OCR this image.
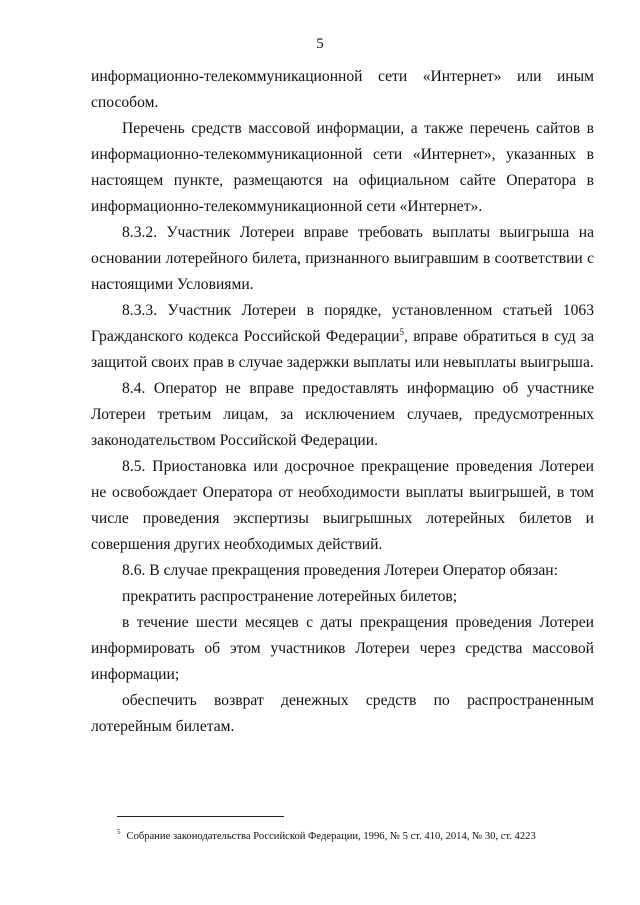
5

информационно-телекоммуникационной сети «Интернет» или иным способом.

Перечень средств массовой информации, а также перечень сайтов в информационно-телекоммуникационной сети «Интернет», указанных в настоящем пункте, размещаются на официальном сайте Оператора в информационно-телекоммуникационной сети «Интернет».

8.3.2. Участник Лотереи вправе требовать выплаты выигрыша на основании лотерейного билета, признанного выигравшим в соответствии с настоящими Условиями.

8.3.3. Участник Лотереи в порядке, установленном статьей 1063 Гражданского кодекса Российской Федерации$^5$, вправе обратиться в суд за защитой своих прав в случае задержки выплаты или невыплаты выигрыша.

8.4. Оператор не вправе предоставлять информацию об участнике Лотереи третьим лицам, за исключением случаев, предусмотренных законодательством Российской Федерации.

8.5. Приостановка или досрочное прекращение проведения Лотереи не освобождает Оператора от необходимости выплаты выигрышей, в том числе проведения экспертизы выигрышных лотерейных билетов и совершения других необходимых действий.

8.6. В случае прекращения проведения Лотереи Оператор обязан:

прекратить распространение лотерейных билетов;

в течение шести месяцев с даты прекращения проведения Лотереи информировать об этом участников Лотереи через средства массовой информации;

обеспечить возврат денежных средств по распространенным лотерейным билетам.

$^5$ Собрание законодательства Российской Федерации, 1996, № 5 ст. 410, 2014, № 30, ст. 4223
